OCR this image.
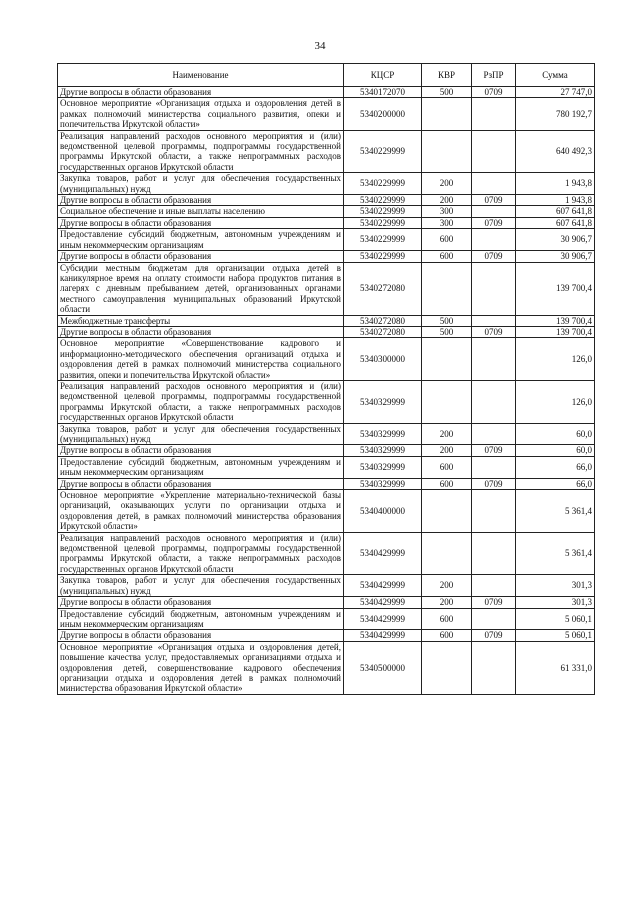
34
Наименование	КЦСР	КВР	РзПР	Сумма
Другие вопросы в области образования	5340172070	500	0709	27 747,0
Основное мероприятие «Организация отдыха и оздоровления детей в рамках полномочий министерства социального развития, опеки и попечительства Иркутской области»	5340200000			780 192,7
Реализация направлений расходов основного мероприятия и (или) ведомственной целевой программы, подпрограммы государственной программы Иркутской области, а также непрограммных расходов государственных органов Иркутской области	5340229999			640 492,3
Закупка товаров, работ и услуг для обеспечения государственных (муниципальных) нужд	5340229999	200		1 943,8
Другие вопросы в области образования	5340229999	200	0709	1 943,8
Социальное обеспечение и иные выплаты населению	5340229999	300		607 641,8
Другие вопросы в области образования	5340229999	300	0709	607 641,8
Предоставление субсидий бюджетным, автономным учреждениям и иным некоммерческим организациям	5340229999	600		30 906,7
Другие вопросы в области образования	5340229999	600	0709	30 906,7
Субсидии местным бюджетам для организации отдыха детей в каникулярное время на оплату стоимости набора продуктов питания в лагерях с дневным пребыванием детей, организованных органами местного самоуправления муниципальных образований Иркутской области	5340272080			139 700,4
Межбюджетные трансферты	5340272080	500		139 700,4
Другие вопросы в области образования	5340272080	500	0709	139 700,4
Основное мероприятие «Совершенствование кадрового и информационно-методического обеспечения организаций отдыха и оздоровления детей в рамках полномочий министерства социального развития, опеки и попечительства Иркутской области»	5340300000			126,0
Реализация направлений расходов основного мероприятия и (или) ведомственной целевой программы, подпрограммы государственной программы Иркутской области, а также непрограммных расходов государственных органов Иркутской области	5340329999			126,0
Закупка товаров, работ и услуг для обеспечения государственных (муниципальных) нужд	5340329999	200		60,0
Другие вопросы в области образования	5340329999	200	0709	60,0
Предоставление субсидий бюджетным, автономным учреждениям и иным некоммерческим организациям	5340329999	600		66,0
Другие вопросы в области образования	5340329999	600	0709	66,0
Основное мероприятие «Укрепление материально-технической базы организаций, оказывающих услуги по организации отдыха и оздоровления детей, в рамках полномочий министерства образования Иркутской области»	5340400000			5 361,4
Реализация направлений расходов основного мероприятия и (или) ведомственной целевой программы, подпрограммы государственной программы Иркутской области, а также непрограммных расходов государственных органов Иркутской области	5340429999			5 361,4
Закупка товаров, работ и услуг для обеспечения государственных (муниципальных) нужд	5340429999	200		301,3
Другие вопросы в области образования	5340429999	200	0709	301,3
Предоставление субсидий бюджетным, автономным учреждениям и иным некоммерческим организациям	5340429999	600		5 060,1
Другие вопросы в области образования	5340429999	600	0709	5 060,1
Основное мероприятие «Организация отдыха и оздоровления детей, повышение качества услуг, предоставляемых организациями отдыха и оздоровления детей, совершенствование кадрового обеспечения организации отдыха и оздоровления детей в рамках полномочий министерства образования Иркутской области»	5340500000			61 331,0
